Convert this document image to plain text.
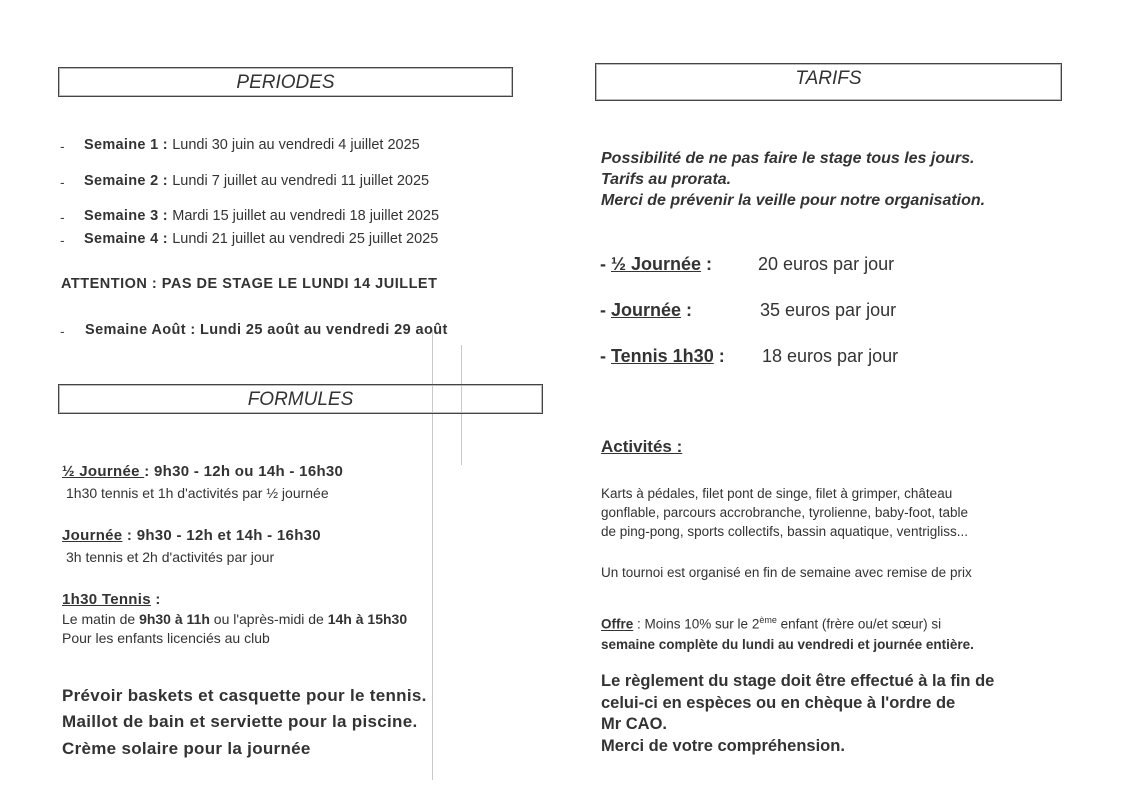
PERIODES
- Semaine 1 : Lundi 30 juin au vendredi 4 juillet 2025
- Semaine 2 : Lundi 7 juillet au vendredi 11 juillet 2025
- Semaine 3 : Mardi 15 juillet au vendredi 18 juillet 2025
- Semaine 4 : Lundi 21 juillet au vendredi 25 juillet 2025
ATTENTION : PAS DE STAGE LE LUNDI 14 JUILLET
- Semaine Août : Lundi 25 août au vendredi 29 août
FORMULES
½ Journée : 9h30 - 12h ou 14h - 16h30
1h30 tennis et 1h d'activités par ½ journée
Journée : 9h30 - 12h et 14h - 16h30
3h tennis et 2h d'activités par jour
1h30 Tennis :
Le matin de 9h30 à 11h ou l'après-midi de 14h à 15h30
Pour les enfants licenciés au club
Prévoir baskets et casquette pour le tennis.
Maillot de bain et serviette pour la piscine.
Crème solaire pour la journée
TARIFS
Possibilité de ne pas faire le stage tous les jours.
Tarifs au prorata.
Merci de prévenir la veille pour notre organisation.
- ½ Journée :	20 euros par jour
- Journée :	35 euros par jour
- Tennis 1h30 : 18 euros par jour
Activités :
Karts à pédales, filet pont de singe, filet à grimper, château
gonflable, parcours accrobranche, tyrolienne, baby-foot, table
de ping-pong, sports collectifs, bassin aquatique, ventrigliss...
Un tournoi est organisé en fin de semaine avec remise de prix
Offre : Moins 10% sur le 2ème enfant (frère ou/et sœur) si
semaine complète du lundi au vendredi et journée entière.
Le règlement du stage doit être effectué à la fin de
celui-ci en espèces ou en chèque à l'ordre de
Mr CAO.
Merci de votre compréhension.
